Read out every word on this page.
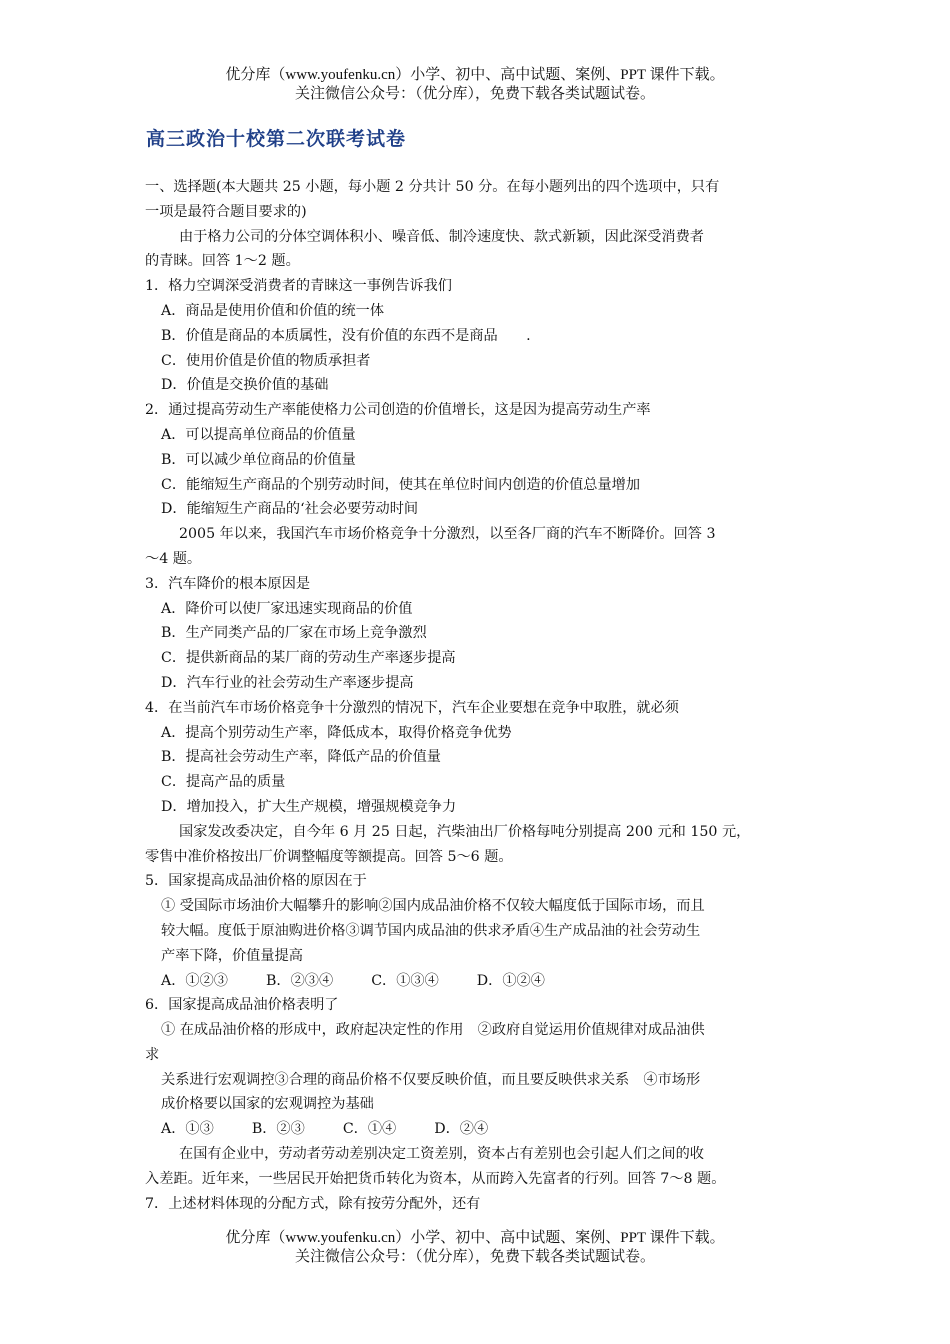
优分库（www.youfenku.cn）小学、初中、高中试题、案例、PPT 课件下载。
关注微信公众号：（优分库），免费下载各类试题试卷。
高三政治十校第二次联考试卷
一、选择题(本大题共 25 小题，每小题 2 分共计 50 分。在每小题列出的四个选项中，只有
一项是最符合题目要求的)
由于格力公司的分体空调体积小、噪音低、制冷速度快、款式新颖，因此深受消费者
的青睐。回答 1～2 题。
1．格力空调深受消费者的青睐这一事例告诉我们
A．商品是使用价值和价值的统一体
B．价值是商品的本质属性，没有价值的东西不是商品　　.
C．使用价值是价值的物质承担者
D．价值是交换价值的基础
2．通过提高劳动生产率能使格力公司创造的价值增长，这是因为提高劳动生产率
A．可以提高单位商品的价值量
B．可以减少单位商品的价值量
C．能缩短生产商品的个别劳动时间，使其在单位时间内创造的价值总量增加
D．能缩短生产商品的‘社会必要劳动时间
2005 年以来，我国汽车市场价格竞争十分激烈，以至各厂商的汽车不断降价。回答 3
～4 题。
3．汽车降价的根本原因是
A．降价可以使厂家迅速实现商品的价值
B．生产同类产品的厂家在市场上竞争激烈
C．提供新商品的某厂商的劳动生产率逐步提高
D．汽车行业的社会劳动生产率逐步提高
4．在当前汽车市场价格竞争十分激烈的情况下，汽车企业要想在竞争中取胜，就必须
A．提高个别劳动生产率，降低成本，取得价格竞争优势
B．提高社会劳动生产率，降低产品的价值量
C．提高产品的质量
D．增加投入，扩大生产规模，增强规模竞争力
国家发改委决定，自今年 6 月 25 日起，汽柴油出厂价格每吨分别提高 200 元和 150 元，
零售中准价格按出厂价调整幅度等额提高。回答 5～6 题。
5．国家提高成品油价格的原因在于
① 受国际市场油价大幅攀升的影响②国内成品油价格不仅较大幅度低于国际市场，而且
较大幅。度低于原油购进价格③调节国内成品油的供求矛盾④生产成品油的社会劳动生
产率下降，价值量提高
A．①②③	B．②③④	C．①③④	D．①②④
6．国家提高成品油价格表明了
① 在成品油价格的形成中，政府起决定性的作用　②政府自觉运用价值规律对成品油供
求
关系进行宏观调控③合理的商品价格不仅要反映价值，而且要反映供求关系　④市场形
成价格要以国家的宏观调控为基础
A．①③	B．②③	C．①④	D．②④
在国有企业中，劳动者劳动差别决定工资差别，资本占有差别也会引起人们之间的收
入差距。近年来，一些居民开始把货币转化为资本，从而跨入先富者的行列。回答 7～8 题。
7．上述材料体现的分配方式，除有按劳分配外，还有
优分库（www.youfenku.cn）小学、初中、高中试题、案例、PPT 课件下载。
关注微信公众号：（优分库），免费下载各类试题试卷。
